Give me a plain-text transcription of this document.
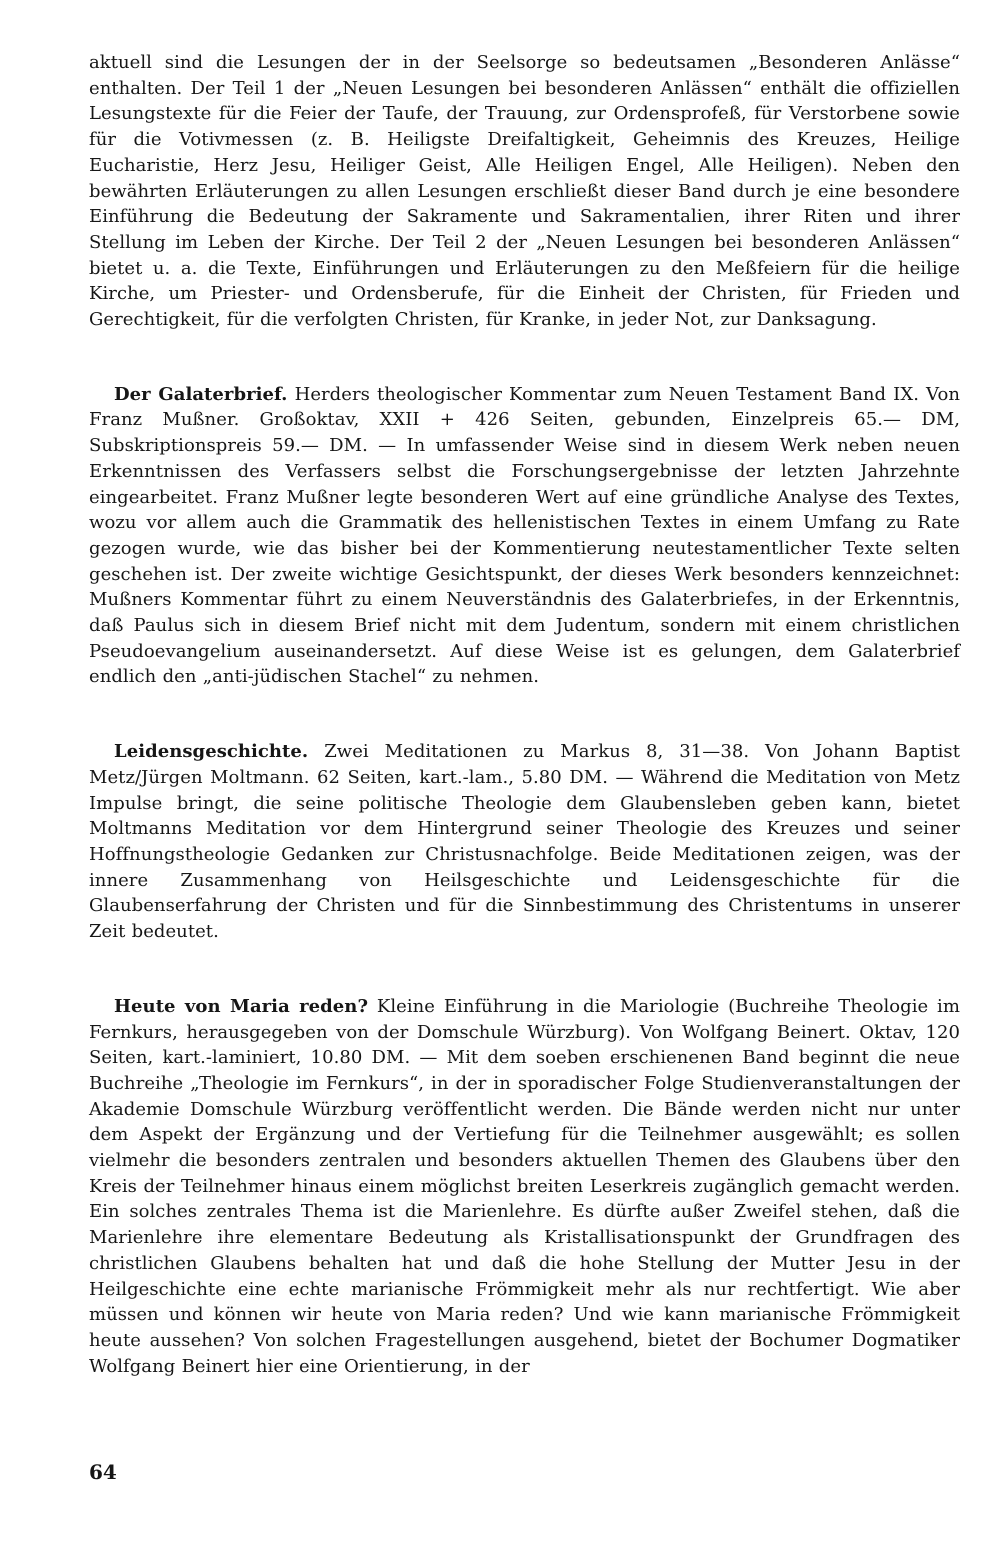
aktuell sind die Lesungen der in der Seelsorge so bedeutsamen „Besonderen Anlässe“ enthalten. Der Teil 1 der „Neuen Lesungen bei besonderen Anlässen“ enthält die offiziellen Lesungstexte für die Feier der Taufe, der Trauung, zur Ordensprofeß, für Verstorbene sowie für die Votivmessen (z. B. Heiligste Dreifaltigkeit, Geheimnis des Kreuzes, Heilige Eucharistie, Herz Jesu, Heiliger Geist, Alle Heiligen Engel, Alle Heiligen). Neben den bewährten Erläuterungen zu allen Lesungen erschließt dieser Band durch je eine besondere Einführung die Bedeutung der Sakramente und Sakramentalien, ihrer Riten und ihrer Stellung im Leben der Kirche. Der Teil 2 der „Neuen Lesungen bei besonderen Anlässen“ bietet u. a. die Texte, Einführungen und Erläuterungen zu den Meßfeiern für die heilige Kirche, um Priester- und Ordensberufe, für die Einheit der Christen, für Frieden und Gerechtigkeit, für die verfolgten Christen, für Kranke, in jeder Not, zur Danksagung.

Der Galaterbrief. Herders theologischer Kommentar zum Neuen Testament Band IX. Von Franz Mußner. Großoktav, XXII + 426 Seiten, gebunden, Einzelpreis 65.— DM, Subskriptionspreis 59.— DM. — In umfassender Weise sind in diesem Werk neben neuen Erkenntnissen des Verfassers selbst die Forschungsergebnisse der letzten Jahrzehnte eingearbeitet. Franz Mußner legte besonderen Wert auf eine gründliche Analyse des Textes, wozu vor allem auch die Grammatik des hellenistischen Textes in einem Umfang zu Rate gezogen wurde, wie das bisher bei der Kommentierung neutestamentlicher Texte selten geschehen ist. Der zweite wichtige Gesichtspunkt, der dieses Werk besonders kennzeichnet: Mußners Kommentar führt zu einem Neuverständnis des Galaterbriefes, in der Erkenntnis, daß Paulus sich in diesem Brief nicht mit dem Judentum, sondern mit einem christlichen Pseudoevangelium auseinandersetzt. Auf diese Weise ist es gelungen, dem Galaterbrief endlich den „anti-jüdischen Stachel“ zu nehmen.

Leidensgeschichte. Zwei Meditationen zu Markus 8, 31—38. Von Johann Baptist Metz/Jürgen Moltmann. 62 Seiten, kart.-lam., 5.80 DM. — Während die Meditation von Metz Impulse bringt, die seine politische Theologie dem Glaubensleben geben kann, bietet Moltmanns Meditation vor dem Hintergrund seiner Theologie des Kreuzes und seiner Hoffnungstheologie Gedanken zur Christusnachfolge. Beide Meditationen zeigen, was der innere Zusammenhang von Heilsgeschichte und Leidensgeschichte für die Glaubenserfahrung der Christen und für die Sinnbestimmung des Christentums in unserer Zeit bedeutet.

Heute von Maria reden? Kleine Einführung in die Mariologie (Buchreihe Theologie im Fernkurs, herausgegeben von der Domschule Würzburg). Von Wolfgang Beinert. Oktav, 120 Seiten, kart.-laminiert, 10.80 DM. — Mit dem soeben erschienenen Band beginnt die neue Buchreihe „Theologie im Fernkurs“, in der in sporadischer Folge Studienveranstaltungen der Akademie Domschule Würzburg veröffentlicht werden. Die Bände werden nicht nur unter dem Aspekt der Ergänzung und der Vertiefung für die Teilnehmer ausgewählt; es sollen vielmehr die besonders zentralen und besonders aktuellen Themen des Glaubens über den Kreis der Teilnehmer hinaus einem möglichst breiten Leserkreis zugänglich gemacht werden. Ein solches zentrales Thema ist die Marienlehre. Es dürfte außer Zweifel stehen, daß die Marienlehre ihre elementare Bedeutung als Kristallisationspunkt der Grundfragen des christlichen Glaubens behalten hat und daß die hohe Stellung der Mutter Jesu in der Heilgeschichte eine echte marianische Frömmigkeit mehr als nur rechtfertigt. Wie aber müssen und können wir heute von Maria reden? Und wie kann marianische Frömmigkeit heute aussehen? Von solchen Fragestellungen ausgehend, bietet der Bochumer Dogmatiker Wolfgang Beinert hier eine Orientierung, in der

64
